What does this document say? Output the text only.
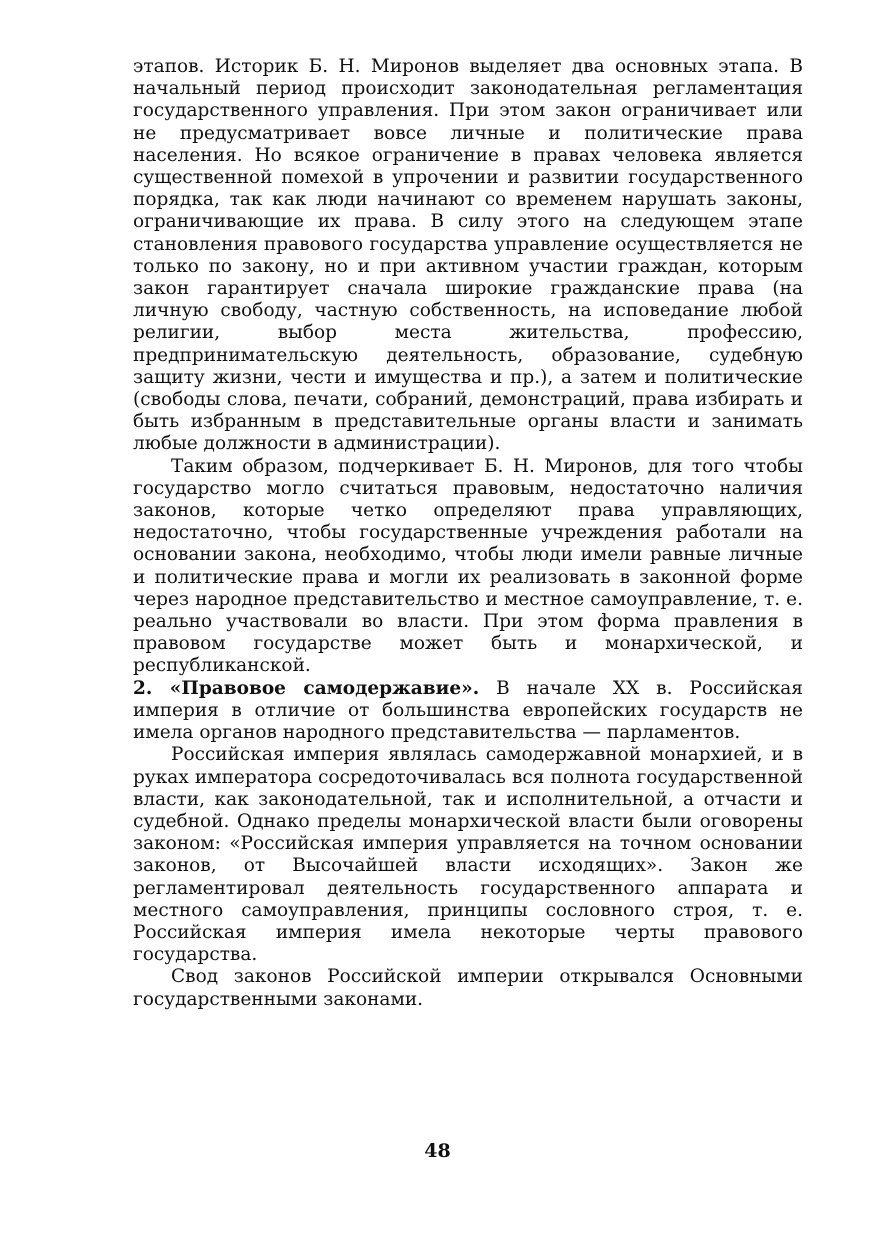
этапов. Историк Б. Н. Миронов выделяет два основных этапа. В начальный период происходит законодательная регламентация государственного управления. При этом закон ограничивает или не предусматривает вовсе личные и политические права населения. Но всякое ограничение в правах человека является существенной помехой в упрочении и развитии государственного порядка, так как люди начинают со временем нарушать законы, ограничивающие их права. В силу этого на следующем этапе становления правового государства управление осуществляется не только по закону, но и при активном участии граждан, которым закон гарантирует сначала широкие гражданские права (на личную свободу, частную собственность, на исповедание любой религии, выбор места жительства, профессию, предпринимательскую деятельность, образование, судебную защиту жизни, чести и имущества и пр.), а затем и политические (свободы слова, печати, собраний, демонстраций, права избирать и быть избранным в представительные органы власти и занимать любые должности в администрации).

Таким образом, подчеркивает Б. Н. Миронов, для того чтобы государство могло считаться правовым, недостаточно наличия законов, которые четко определяют права управляющих, недостаточно, чтобы государственные учреждения работали на основании закона, необходимо, чтобы люди имели равные личные и политические права и могли их реализовать в законной форме через народное представительство и местное самоуправление, т. е. реально участвовали во власти. При этом форма правления в правовом государстве может быть и монархической, и республиканской.

2. «Правовое самодержавие». В начале XX в. Российская империя в отличие от большинства европейских государств не имела органов народного представительства — парламентов.

Российская империя являлась самодержавной монархией, и в руках императора сосредоточивалась вся полнота государственной власти, как законодательной, так и исполнительной, а отчасти и судебной. Однако пределы монархической власти были оговорены законом: «Российская империя управляется на точном основании законов, от Высочайшей власти исходящих». Закон же регламентировал деятельность государственного аппарата и местного самоуправления, принципы сословного строя, т. е. Российская империя имела некоторые черты правового государства.

Свод законов Российской империи открывался Основными государственными законами.

48
